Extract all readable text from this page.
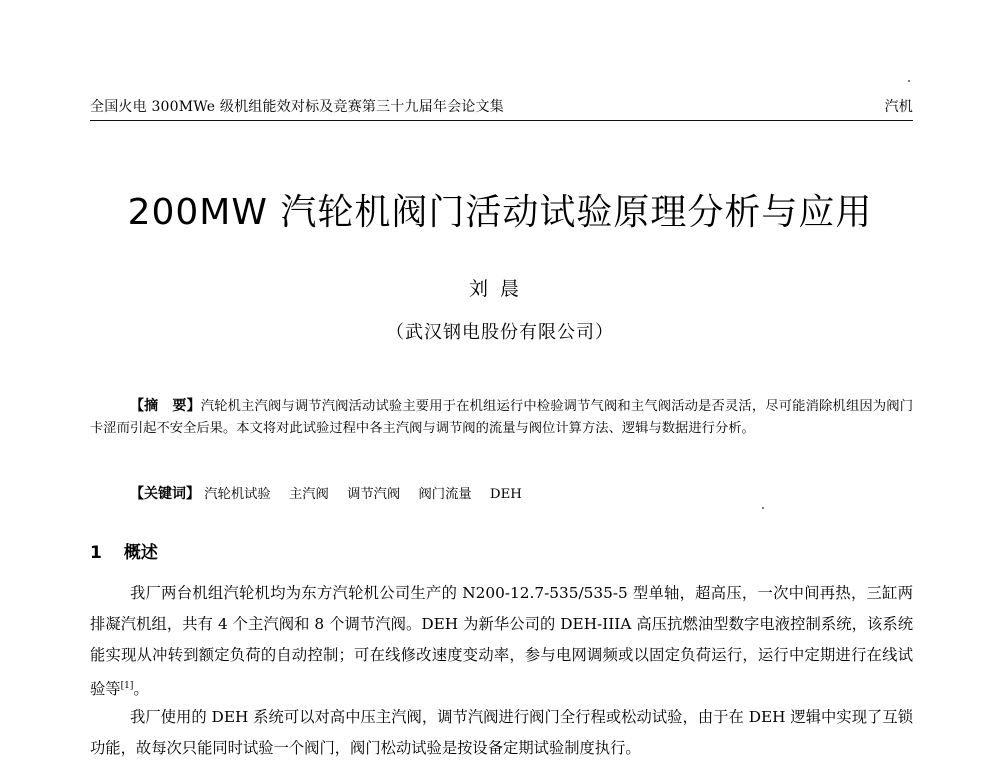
全国火电 300MWe 级机组能效对标及竞赛第三十九届年会论文集	汽机
200MW 汽轮机阀门活动试验原理分析与应用
刘晨
（武汉钢电股份有限公司）
【摘　要】汽轮机主汽阀与调节汽阀活动试验主要用于在机组运行中检验调节气阀和主气阀活动是否灵活，尽可能消除机组因为阀门卡涩而引起不安全后果。本文将对此试验过程中各主汽阀与调节阀的流量与阀位计算方法、逻辑与数据进行分析。
【关键词】 汽轮机试验 主汽阀 调节汽阀 阀门流量 DEH
1 概述
我厂两台机组汽轮机均为东方汽轮机公司生产的 N200-12.7-535/535-5 型单轴，超高压，一次中间再热，三缸两排凝汽机组，共有 4 个主汽阀和 8 个调节汽阀。DEH 为新华公司的 DEH-IIIA 高压抗燃油型数字电液控制系统，该系统能实现从冲转到额定负荷的自动控制；可在线修改速度变动率，参与电网调频或以固定负荷运行，运行中定期进行在线试验等[1]。
我厂使用的 DEH 系统可以对高中压主汽阀，调节汽阀进行阀门全行程或松动试验，由于在 DEH 逻辑中实现了互锁功能，故每次只能同时试验一个阀门，阀门松动试验是按设备定期试验制度执行。
